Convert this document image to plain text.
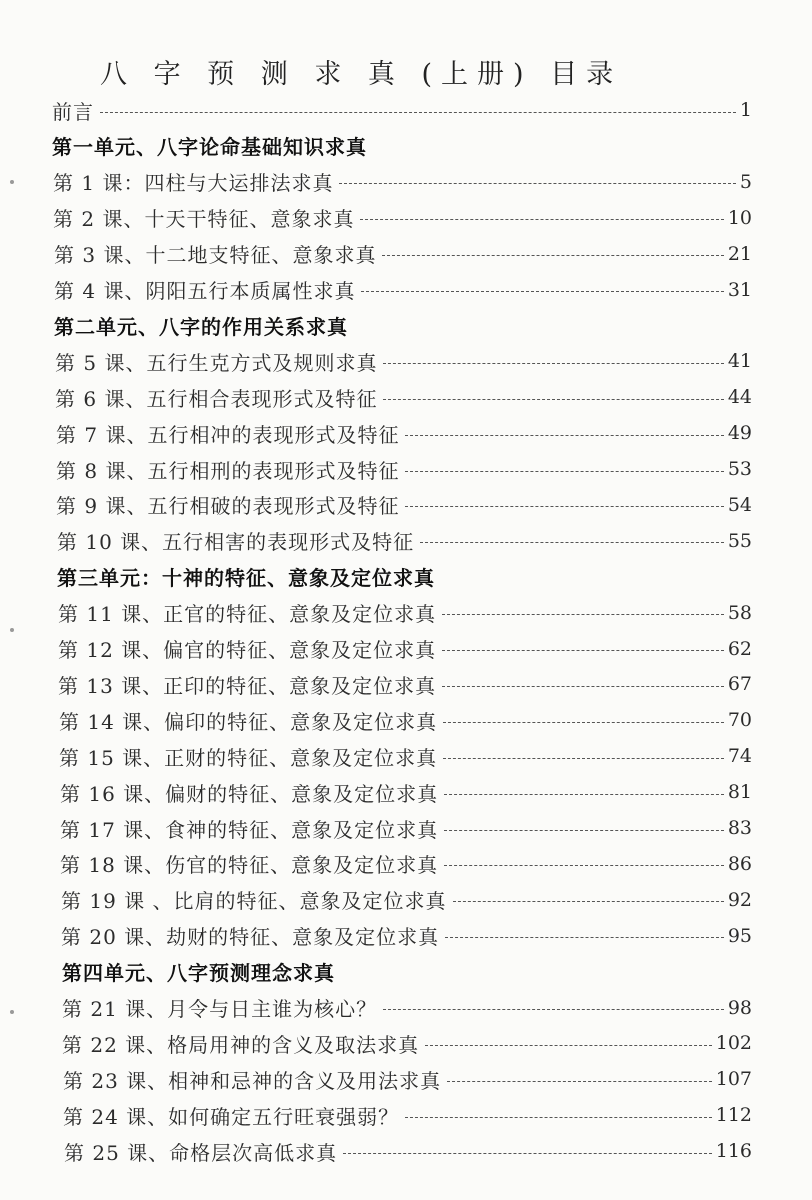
八 字 预 测 求 真 (上册) 目录
前言	1
第一单元、八字论命基础知识求真
第 1 课：四柱与大运排法求真	5
第 2 课、十天干特征、意象求真	10
第 3 课、十二地支特征、意象求真	21
第 4 课、阴阳五行本质属性求真	31
第二单元、八字的作用关系求真
第 5 课、五行生克方式及规则求真	41
第 6 课、五行相合表现形式及特征	44
第 7 课、五行相冲的表现形式及特征	49
第 8 课、五行相刑的表现形式及特征	53
第 9 课、五行相破的表现形式及特征	54
第 10 课、五行相害的表现形式及特征	55
第三单元：十神的特征、意象及定位求真
第 11 课、正官的特征、意象及定位求真	58
第 12 课、偏官的特征、意象及定位求真	62
第 13 课、正印的特征、意象及定位求真	67
第 14 课、偏印的特征、意象及定位求真	70
第 15 课、正财的特征、意象及定位求真	74
第 16 课、偏财的特征、意象及定位求真	81
第 17 课、食神的特征、意象及定位求真	83
第 18 课、伤官的特征、意象及定位求真	86
第 19 课 、比肩的特征、意象及定位求真	92
第 20 课、劫财的特征、意象及定位求真	95
第四单元、八字预测理念求真
第 21 课、月令与日主谁为核心？	98
第 22 课、格局用神的含义及取法求真	102
第 23 课、相神和忌神的含义及用法求真	107
第 24 课、如何确定五行旺衰强弱？	112
第 25 课、命格层次高低求真	116
